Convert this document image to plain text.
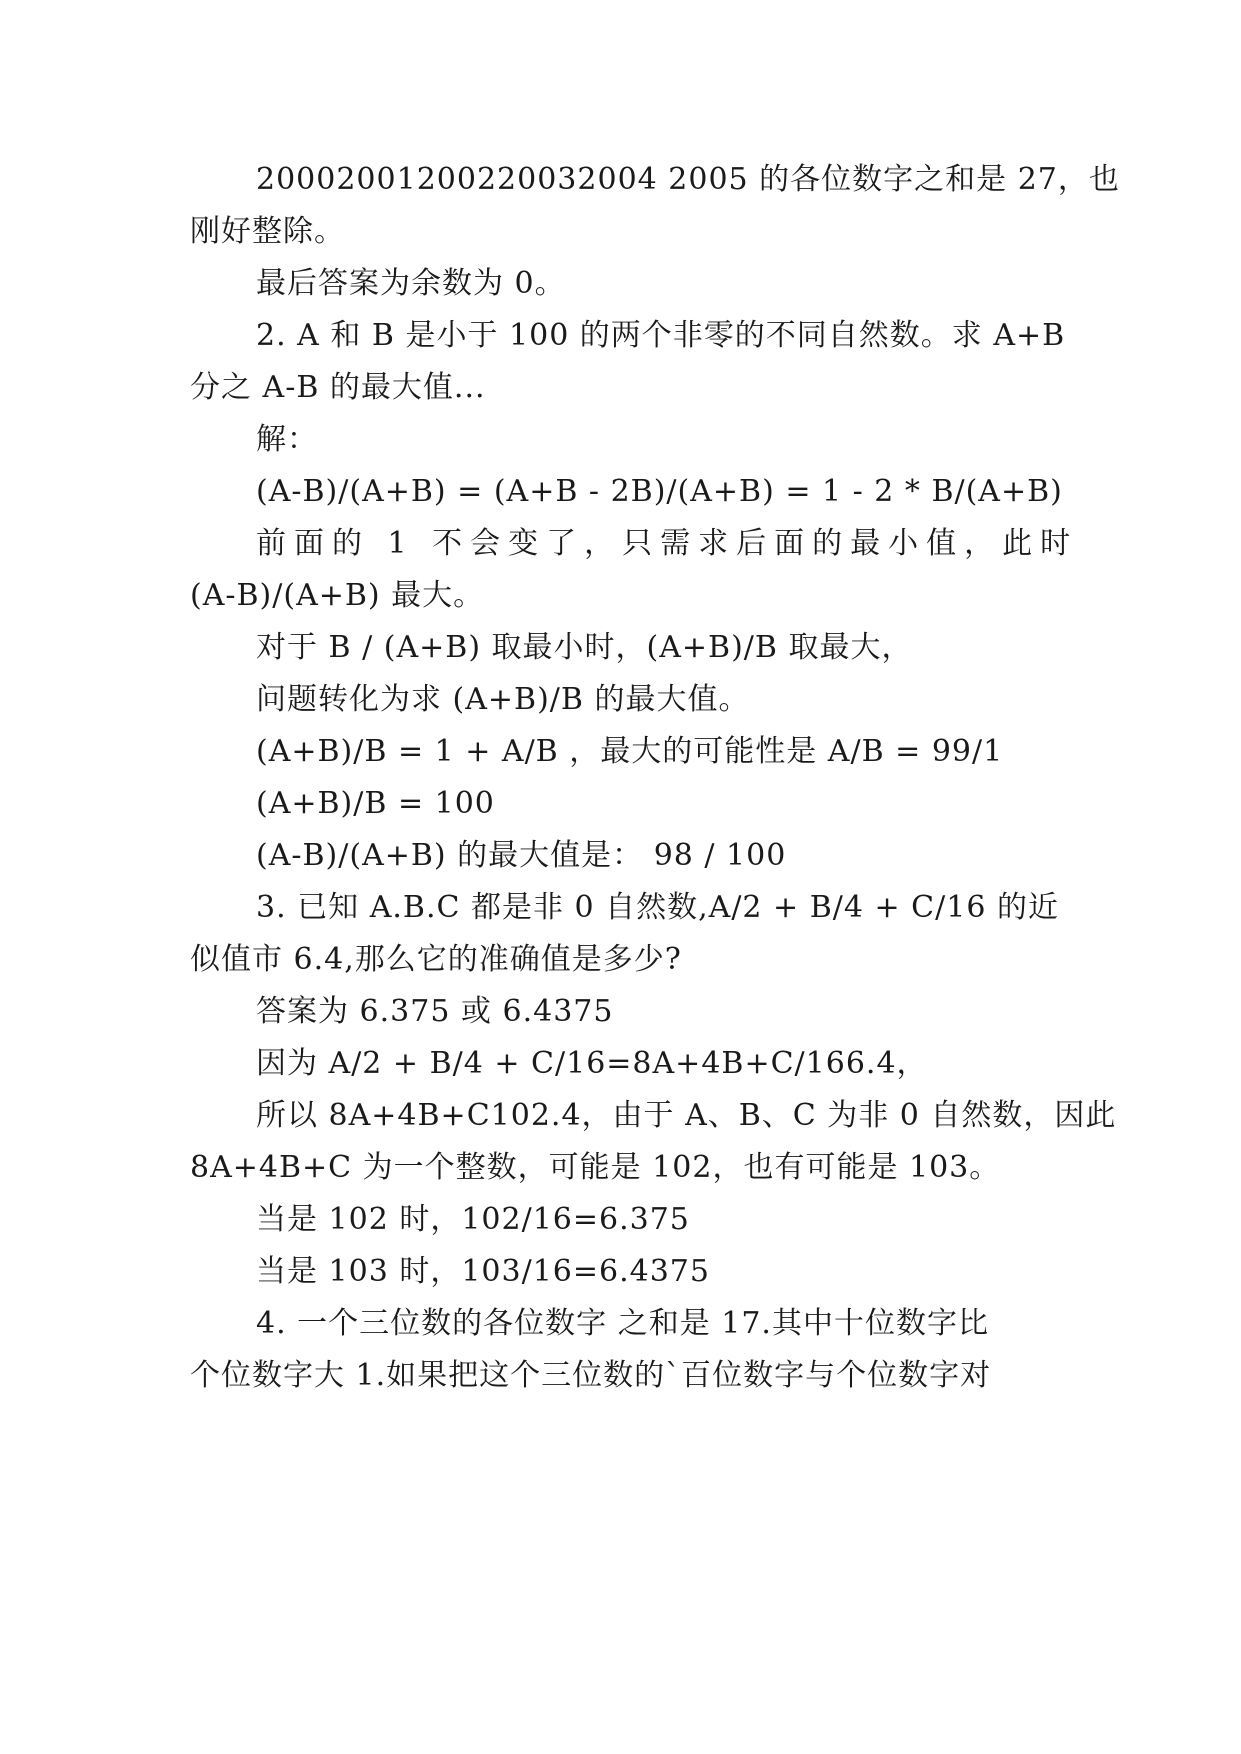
20002001200220032004 2005 的各位数字之和是 27，也
刚好整除。
最后答案为余数为 0。
2. A 和 B 是小于 100 的两个非零的不同自然数。求 A+B
分之 A-B 的最大值...
解：
(A-B)/(A+B) = (A+B - 2B)/(A+B) = 1 - 2 * B/(A+B)
前面的 1 不会变了，只需求后面的最小值，此时
(A-B)/(A+B) 最大。
对于 B / (A+B) 取最小时，(A+B)/B 取最大，
问题转化为求 (A+B)/B 的最大值。
(A+B)/B = 1 + A/B ，最大的可能性是 A/B = 99/1
(A+B)/B = 100
(A-B)/(A+B) 的最大值是： 98 / 100
3. 已知 A.B.C 都是非 0 自然数,A/2 + B/4 + C/16 的近
似值市 6.4,那么它的准确值是多少?
答案为 6.375 或 6.4375
因为 A/2 + B/4 + C/16=8A+4B+C/166.4，
所以 8A+4B+C102.4，由于 A、B、C 为非 0 自然数，因此
8A+4B+C 为一个整数，可能是 102，也有可能是 103。
当是 102 时，102/16=6.375
当是 103 时，103/16=6.4375
4. 一个三位数的各位数字 之和是 17.其中十位数字比
个位数字大 1.如果把这个三位数的`百位数字与个位数字对
